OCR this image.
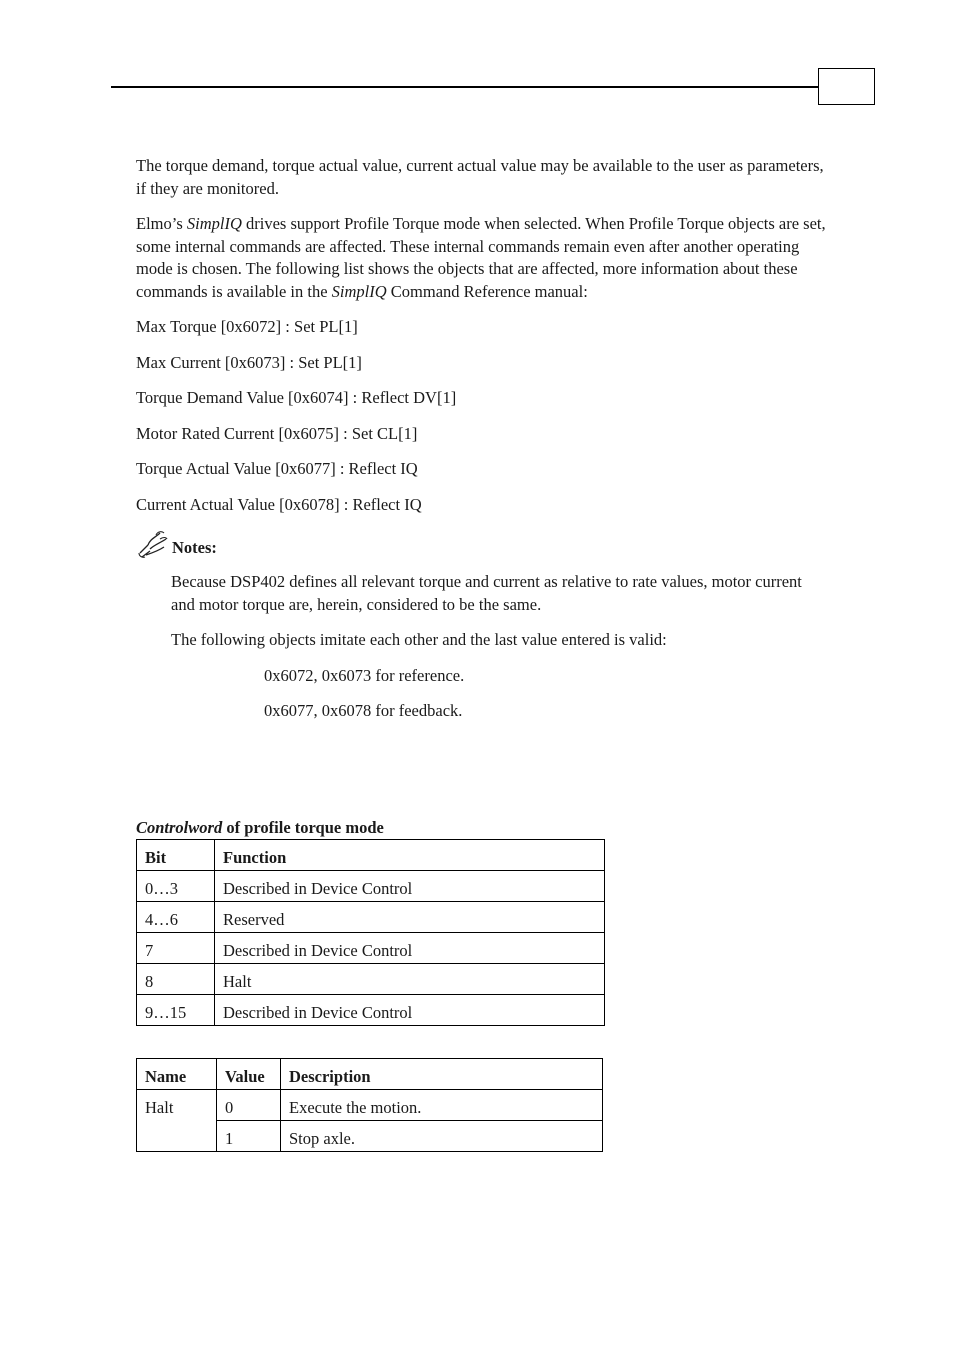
The torque demand, torque actual value, current actual value may be available to the user as parameters, if they are monitored.

Elmo’s SimplIQ drives support Profile Torque mode when selected. When Profile Torque objects are set, some internal commands are affected. These internal commands remain even after another operating mode is chosen. The following list shows the objects that are affected, more information about these commands is available in the SimplIQ Command Reference manual:

Max Torque [0x6072] : Set PL[1]

Max Current [0x6073] : Set PL[1]

Torque Demand Value [0x6074] : Reflect DV[1]

Motor Rated Current [0x6075] : Set CL[1]

Torque Actual Value [0x6077] : Reflect IQ

Current Actual Value [0x6078] : Reflect IQ

Notes:

Because DSP402 defines all relevant torque and current as relative to rate values, motor current and motor torque are, herein, considered to be the same.

The following objects imitate each other and the last value entered is valid:

0x6072, 0x6073 for reference.

0x6077, 0x6078 for feedback.

Controlword of profile torque mode
Bit	Function
0…3	Described in Device Control
4…6	Reserved
7	Described in Device Control
8	Halt
9…15	Described in Device Control
Name	Value	Description
Halt	0	Execute the motion.
	1	Stop axle.
